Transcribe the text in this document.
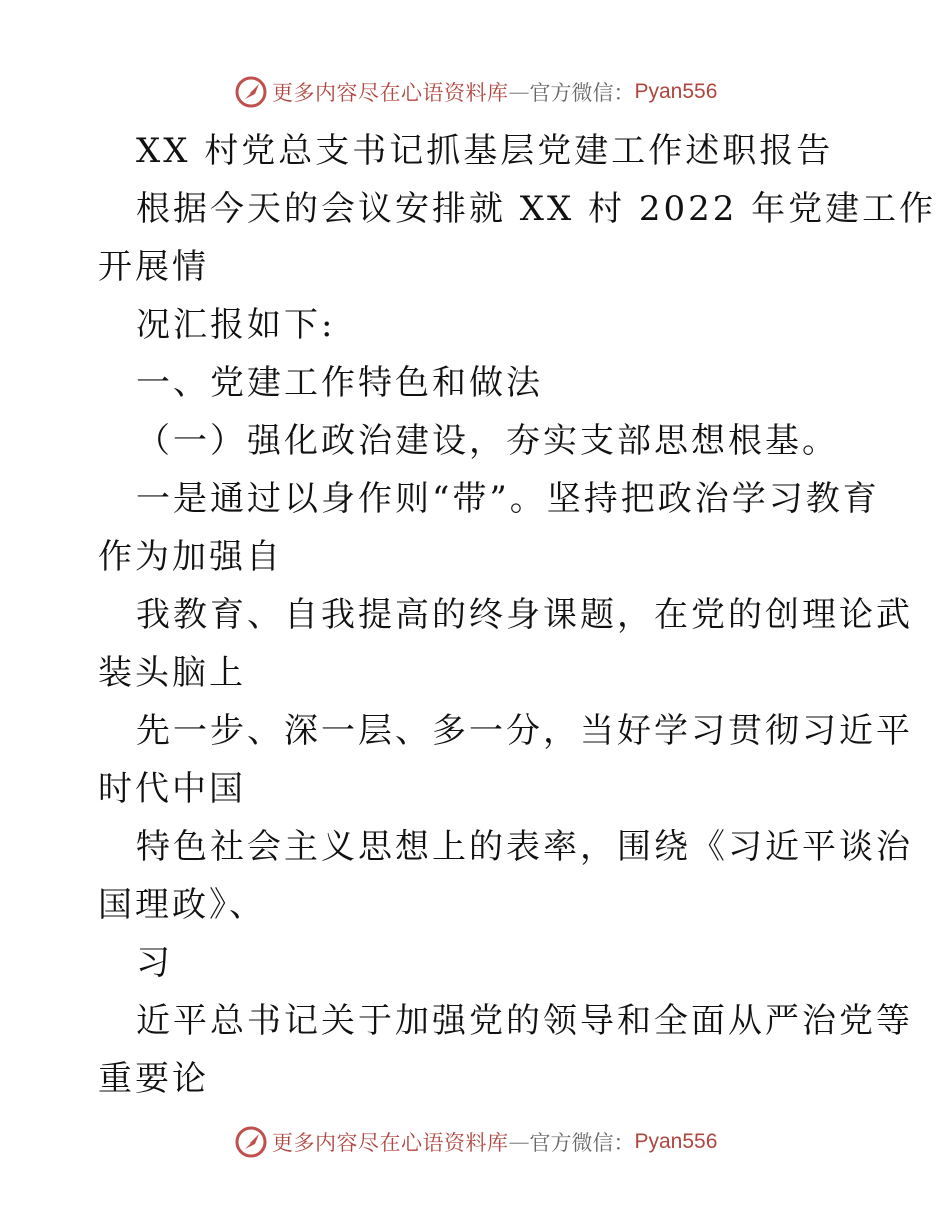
更多内容尽在心语资料库 — 官方微信： Pyan556
XX 村党总支书记抓基层党建工作述职报告
根据今天的会议安排就 XX 村 2022 年党建工作
开展情
况汇报如下:
一、党建工作特色和做法
（一）强化政治建设，夯实支部思想根基。
一是通过以身作则“带”。坚持把政治学习教育
作为加强自
我教育、自我提高的终身课题，在党的创理论武
装头脑上
先一步、深一层、多一分，当好学习贯彻习近平
时代中国
特色社会主义思想上的表率，围绕《习近平谈治
国理政》、
习
近平总书记关于加强党的领导和全面从严治党等
重要论
更多内容尽在心语资料库 — 官方微信： Pyan556
